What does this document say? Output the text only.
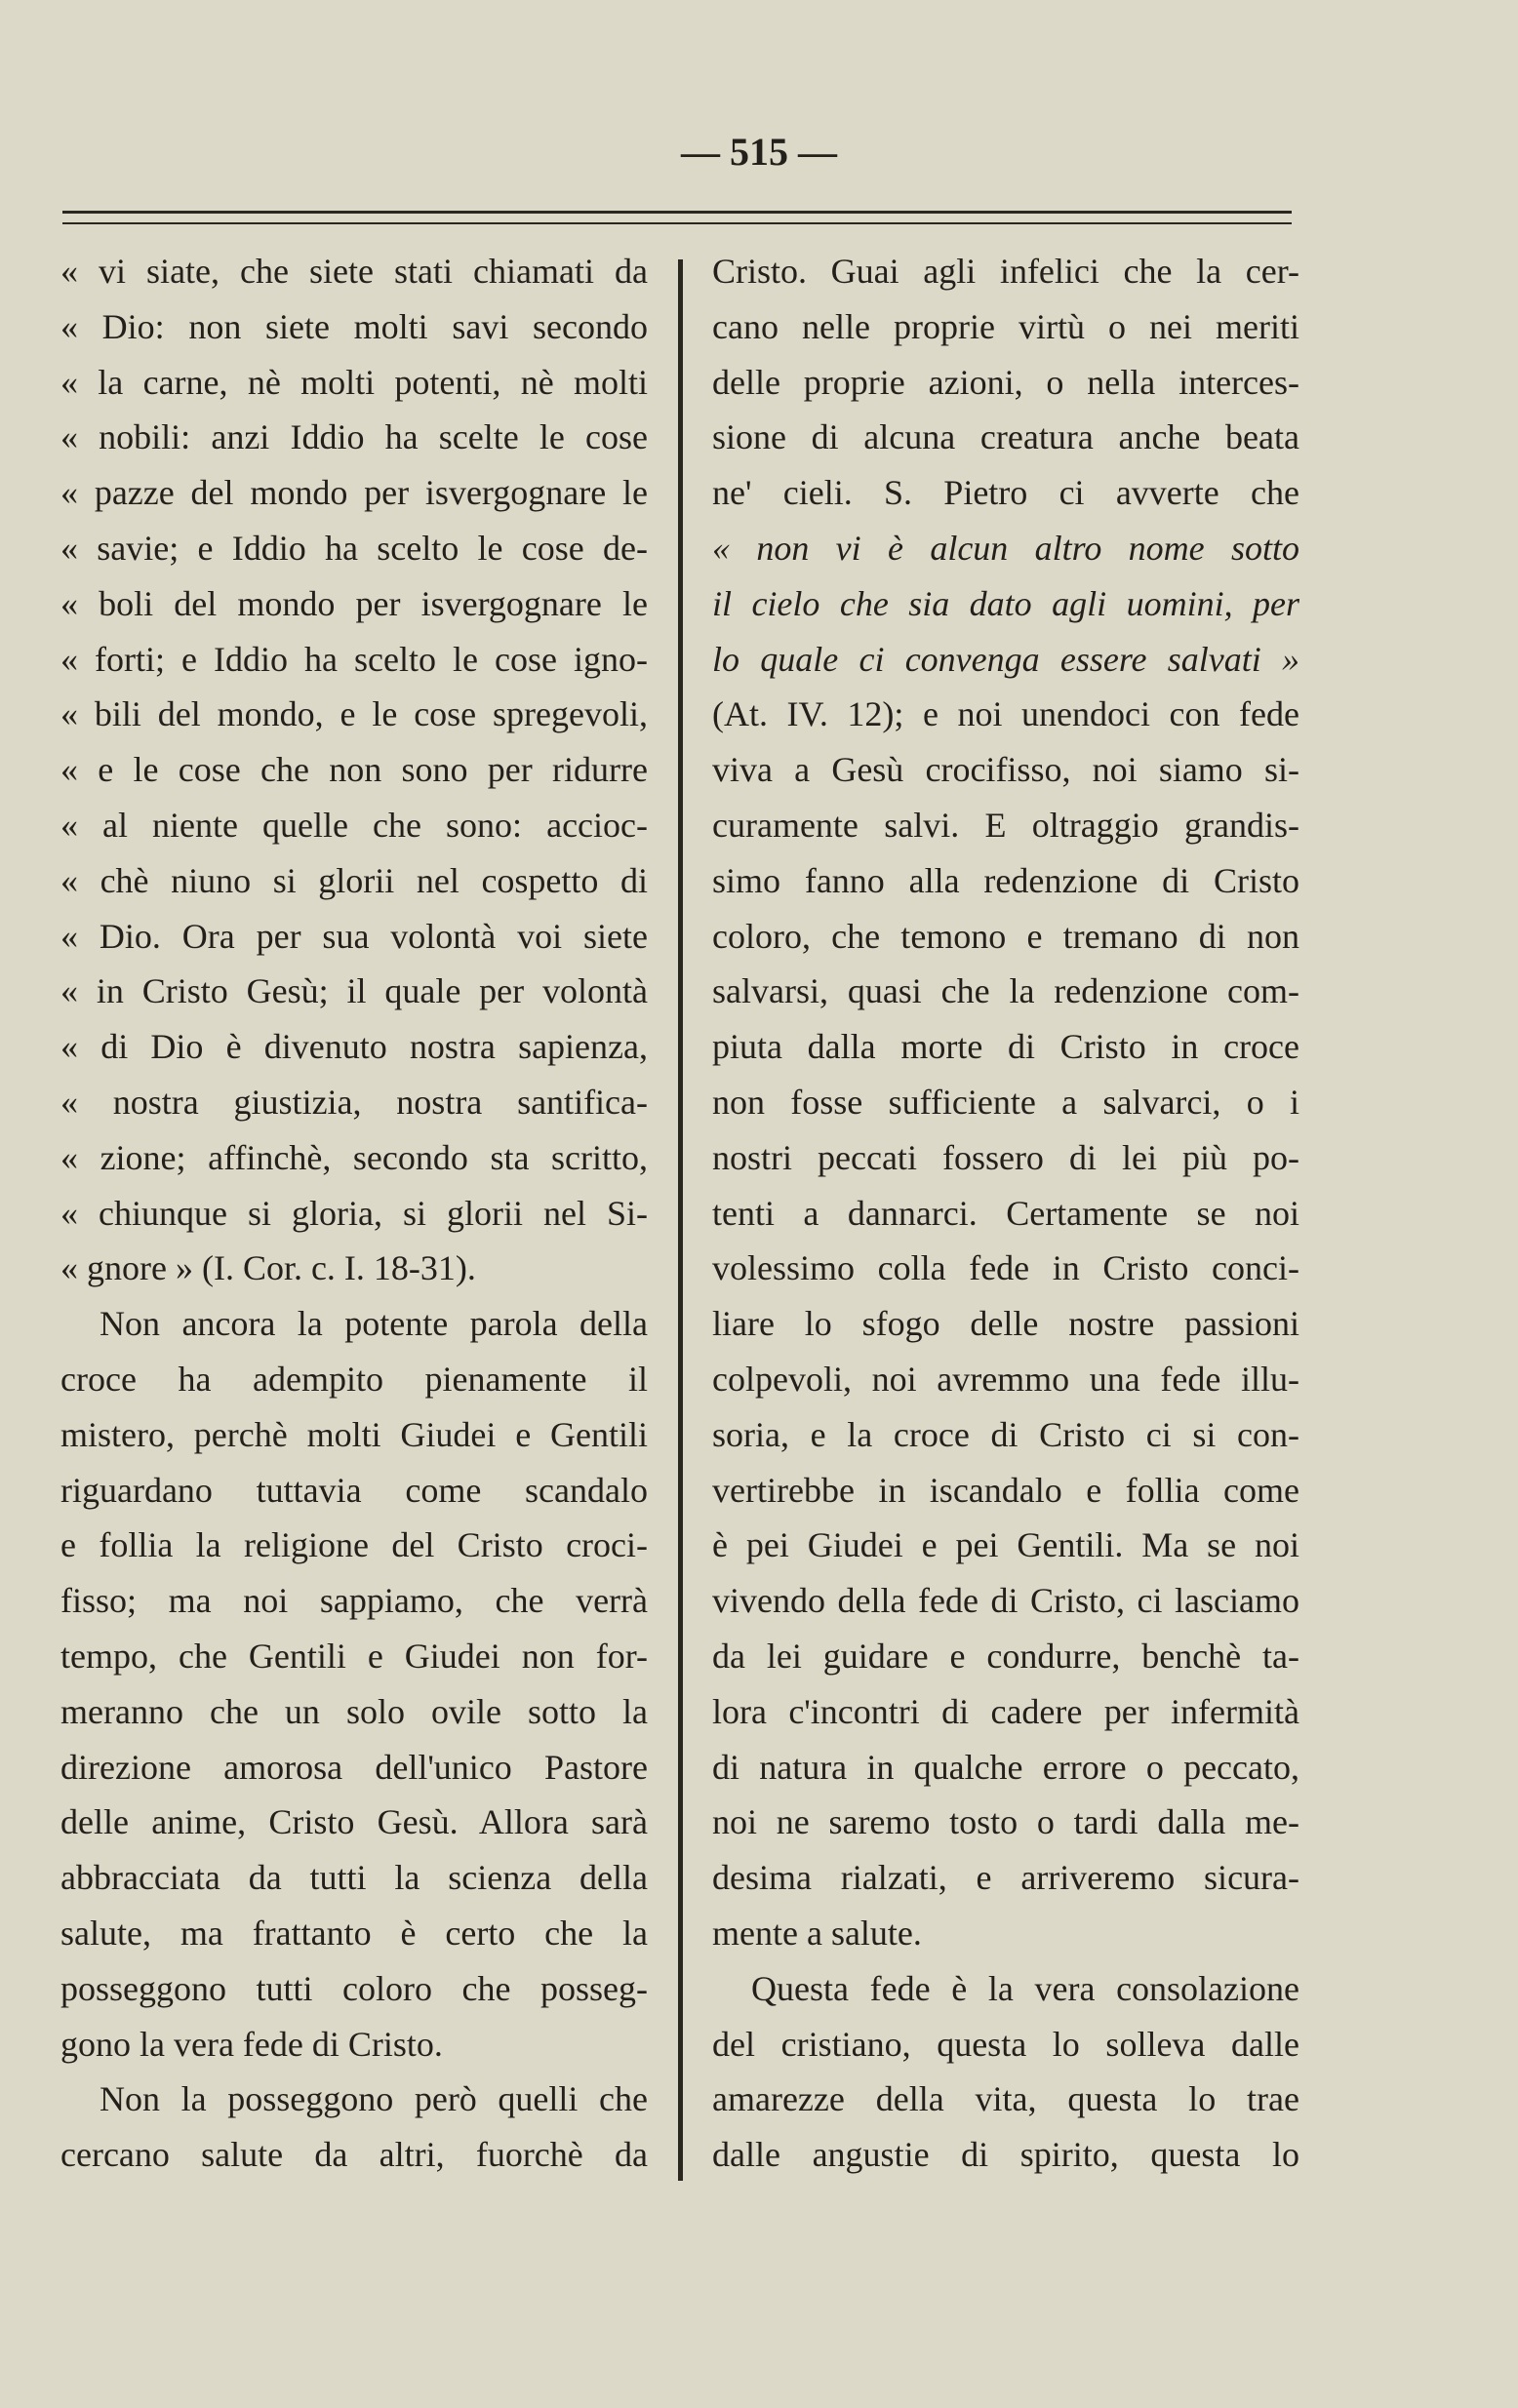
— 515 —
« vi siate, che siete stati chiamati da
« Dio: non siete molti savi secondo
« la carne, nè molti potenti, nè molti
« nobili: anzi Iddio ha scelte le cose
« pazze del mondo per isvergognare le
« savie; e Iddio ha scelto le cose de-
« boli del mondo per isvergognare le
« forti; e Iddio ha scelto le cose igno-
« bili del mondo, e le cose spregevoli,
« e le cose che non sono per ridurre
« al niente quelle che sono: accioc-
« chè niuno si glorii nel cospetto di
« Dio. Ora per sua volontà voi siete
« in Cristo Gesù; il quale per volontà
« di Dio è divenuto nostra sapienza,
« nostra giustizia, nostra santifica-
« zione; affinchè, secondo sta scritto,
« chiunque si gloria, si glorii nel Si-
« gnore » (I. Cor. c. I. 18-31).
Non ancora la potente parola della
croce ha adempito pienamente il
mistero, perchè molti Giudei e Gentili
riguardano tuttavia come scandalo
e follia la religione del Cristo croci-
fisso; ma noi sappiamo, che verrà
tempo, che Gentili e Giudei non for-
meranno che un solo ovile sotto la
direzione amorosa dell'unico Pastore
delle anime, Cristo Gesù. Allora sarà
abbracciata da tutti la scienza della
salute, ma frattanto è certo che la
posseggono tutti coloro che posseg-
gono la vera fede di Cristo.
Non la posseggono però quelli che
cercano salute da altri, fuorchè da
Cristo. Guai agli infelici che la cer-
cano nelle proprie virtù o nei meriti
delle proprie azioni, o nella interces-
sione di alcuna creatura anche beata
ne' cieli. S. Pietro ci avverte che
« non vi è alcun altro nome sotto
il cielo che sia dato agli uomini, per
lo quale ci convenga essere salvati »
(At. IV. 12); e noi unendoci con fede
viva a Gesù crocifisso, noi siamo si-
curamente salvi. E oltraggio grandis-
simo fanno alla redenzione di Cristo
coloro, che temono e tremano di non
salvarsi, quasi che la redenzione com-
piuta dalla morte di Cristo in croce
non fosse sufficiente a salvarci, o i
nostri peccati fossero di lei più po-
tenti a dannarci. Certamente se noi
volessimo colla fede in Cristo conci-
liare lo sfogo delle nostre passioni
colpevoli, noi avremmo una fede illu-
soria, e la croce di Cristo ci si con-
vertirebbe in iscandalo e follia come
è pei Giudei e pei Gentili. Ma se noi
vivendo della fede di Cristo, ci lasciamo
da lei guidare e condurre, benchè ta-
lora c'incontri di cadere per infermità
di natura in qualche errore o peccato,
noi ne saremo tosto o tardi dalla me-
desima rialzati, e arriveremo sicura-
mente a salute.
Questa fede è la vera consolazione
del cristiano, questa lo solleva dalle
amarezze della vita, questa lo trae
dalle angustie di spirito, questa lo
